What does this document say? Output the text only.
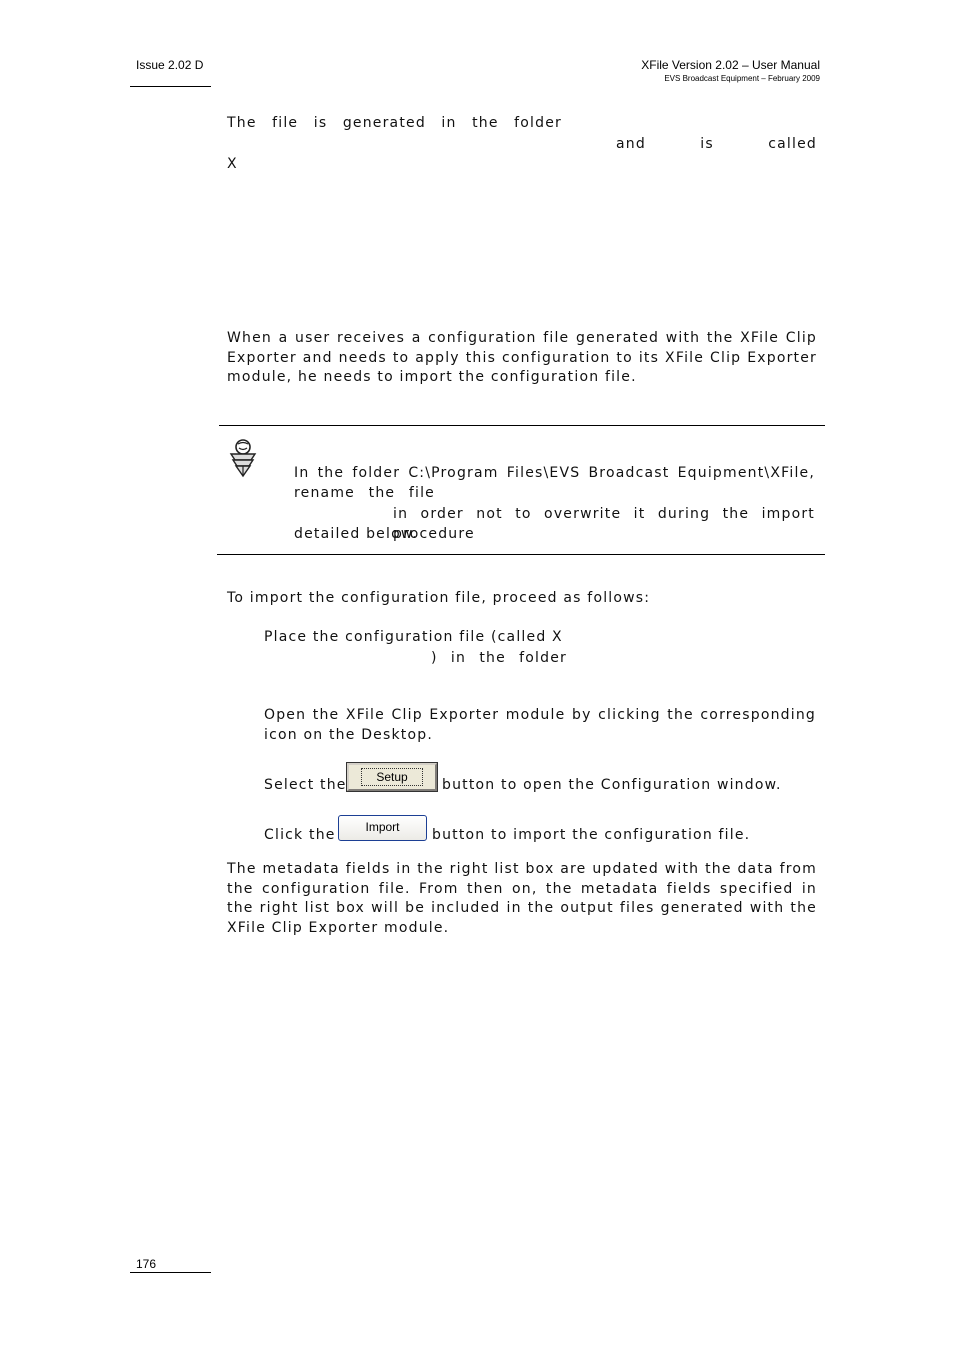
Issue 2.02 D	XFile Version 2.02 – User Manual
EVS Broadcast Equipment – February 2009
The file is generated in the folder
and	is	called
X
When a user receives a configuration file generated with the XFile Clip Exporter and needs to apply this configuration to its XFile Clip Exporter module, he needs to import the configuration file.
In the folder C:\Program Files\EVS Broadcast Equipment\XFile,
rename the file
in order not to overwrite it during the import procedure
detailed below.
To import the configuration file, proceed as follows:
Place the configuration file (called X
) in the folder
Open the XFile Clip Exporter module by clicking the corresponding icon on the Desktop.
Select the	Setup	button to open the Configuration window.
Click the	Import	button to import the configuration file.
The metadata fields in the right list box are updated with the data from the configuration file. From then on, the metadata fields specified in the right list box will be included in the output files generated with the XFile Clip Exporter module.
176
